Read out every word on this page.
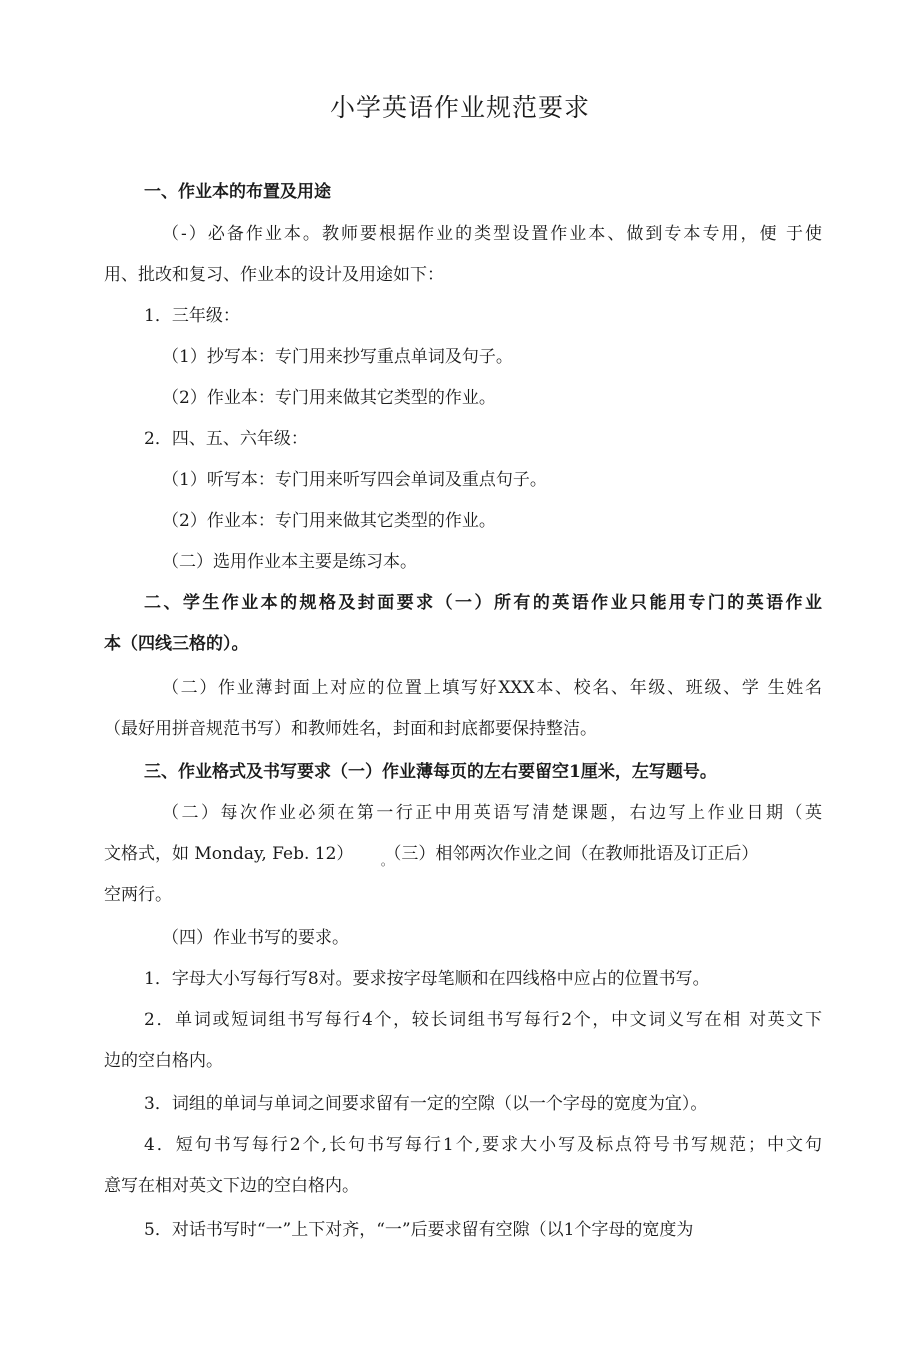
小学英语作业规范要求
一、作业本的布置及用途
（-）必备作业本。教师要根据作业的类型设置作业本、做到专本专用，便 于使
用、批改和复习、作业本的设计及用途如下：
1．三年级：
（1）抄写本：专门用来抄写重点单词及句子。
（2）作业本：专门用来做其它类型的作业。
2．四、五、六年级：
（1）听写本：专门用来听写四会单词及重点句子。
（2）作业本：专门用来做其它类型的作业。
（二）选用作业本主要是练习本。
二、学生作业本的规格及封面要求（一）所有的英语作业只能用专门的英语作业
本（四线三格的）。
（二）作业薄封面上对应的位置上填写好XXX本、校名、年级、班级、学 生姓名
（最好用拼音规范书写）和教师姓名，封面和封底都要保持整洁。
三、作业格式及书写要求（一）作业薄每页的左右要留空1厘米，左写题号。
（二）每次作业必须在第一行正中用英语写清楚课题，右边写上作业日期（英
文格式，如 Monday, Feb. 12） $_。$（三）相邻两次作业之间（在教师批语及订正后）
空两行。
（四）作业书写的要求。
1．字母大小写每行写8对。要求按字母笔顺和在四线格中应占的位置书写。
2．单词或短词组书写每行4个，较长词组书写每行2个，中文词义写在相 对英文下
边的空白格内。
3．词组的单词与单词之间要求留有一定的空隙（以一个字母的宽度为宜）。
4．短句书写每行2个,长句书写每行1个,要求大小写及标点符号书写规范；中文句
意写在相对英文下边的空白格内。
5．对话书写时“一”上下对齐，“一”后要求留有空隙（以1个字母的宽度为
